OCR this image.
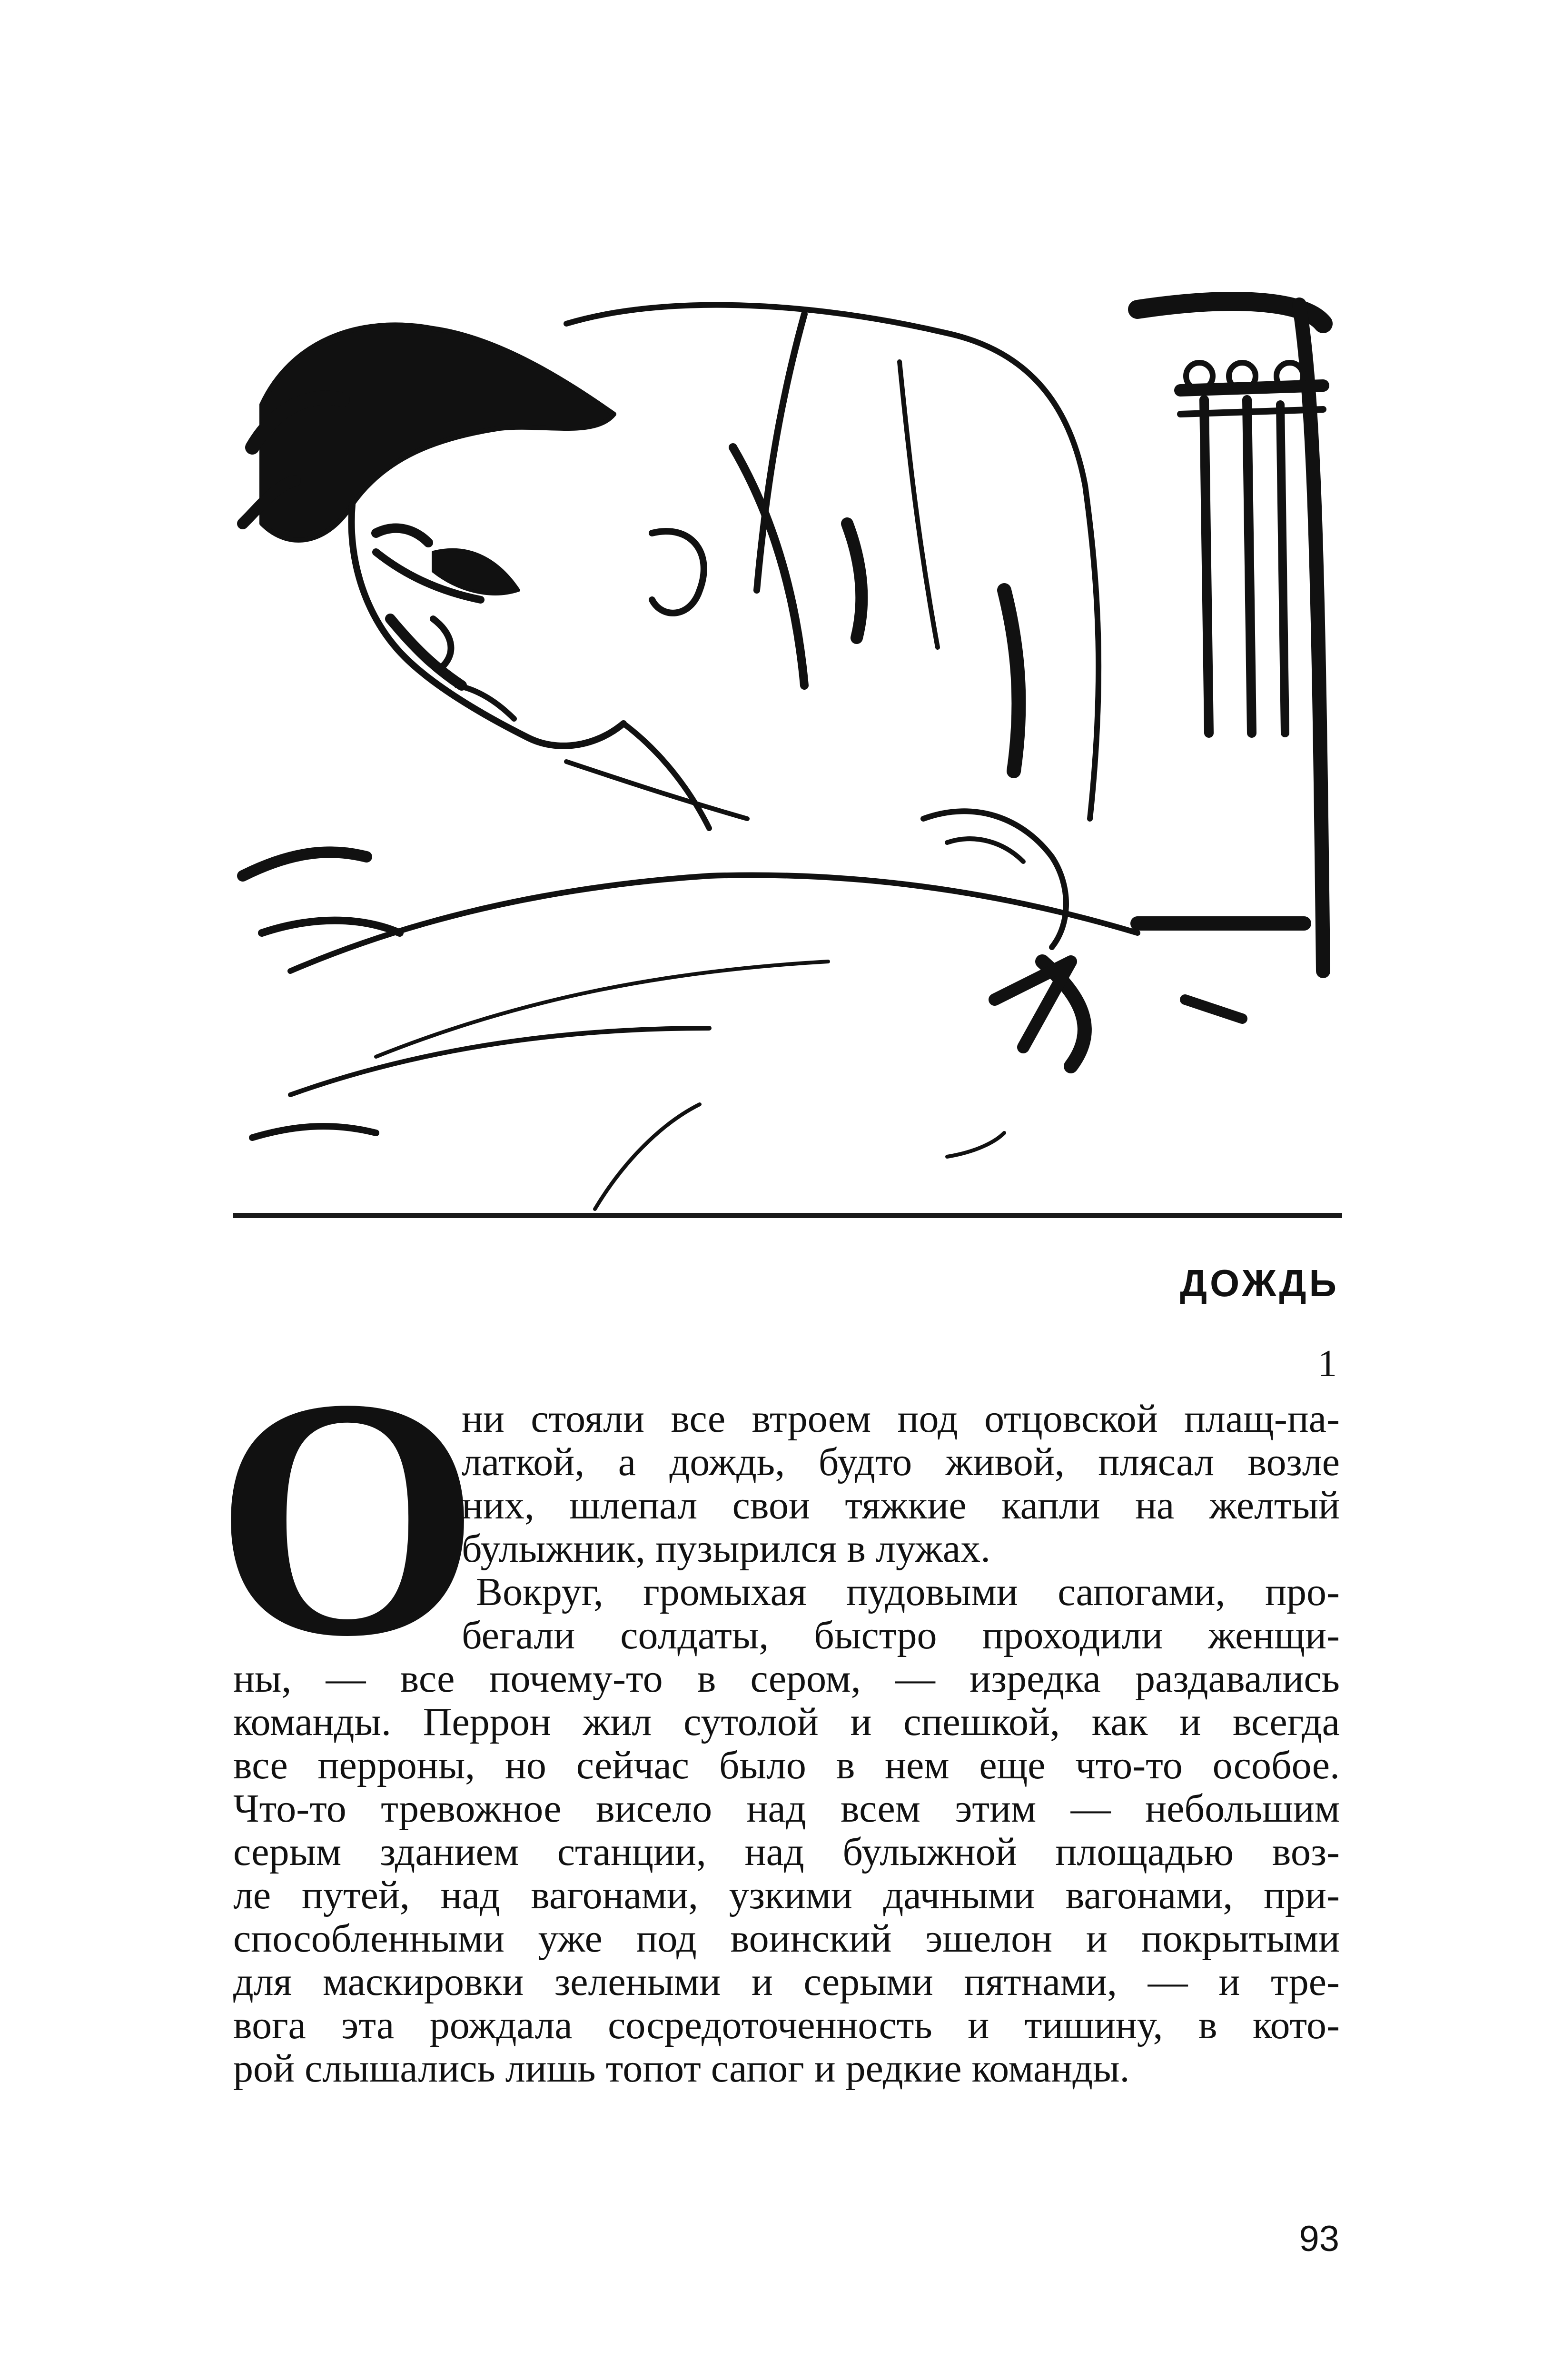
ДОЖДЬ
1
О
ни стояли все втроем под отцовской плащ-па-
латкой, а дождь, будто живой, плясал возле
них, шлепал свои тяжкие капли на желтый
булыжник, пузырился в лужах.
Вокруг, громыхая пудовыми сапогами, про-
бегали солдаты, быстро проходили женщи-
ны, — все почему-то в сером, — изредка раздавались
команды. Перрон жил сутолой и спешкой, как и всегда
все перроны, но сейчас было в нем еще что-то особое.
Что-то тревожное висело над всем этим — небольшим
серым зданием станции, над булыжной площадью воз-
ле путей, над вагонами, узкими дачными вагонами, при-
способленными уже под воинский эшелон и покрытыми
для маскировки зелеными и серыми пятнами, — и тре-
вога эта рождала сосредоточенность и тишину, в кото-
рой слышались лишь топот сапог и редкие команды.
93
